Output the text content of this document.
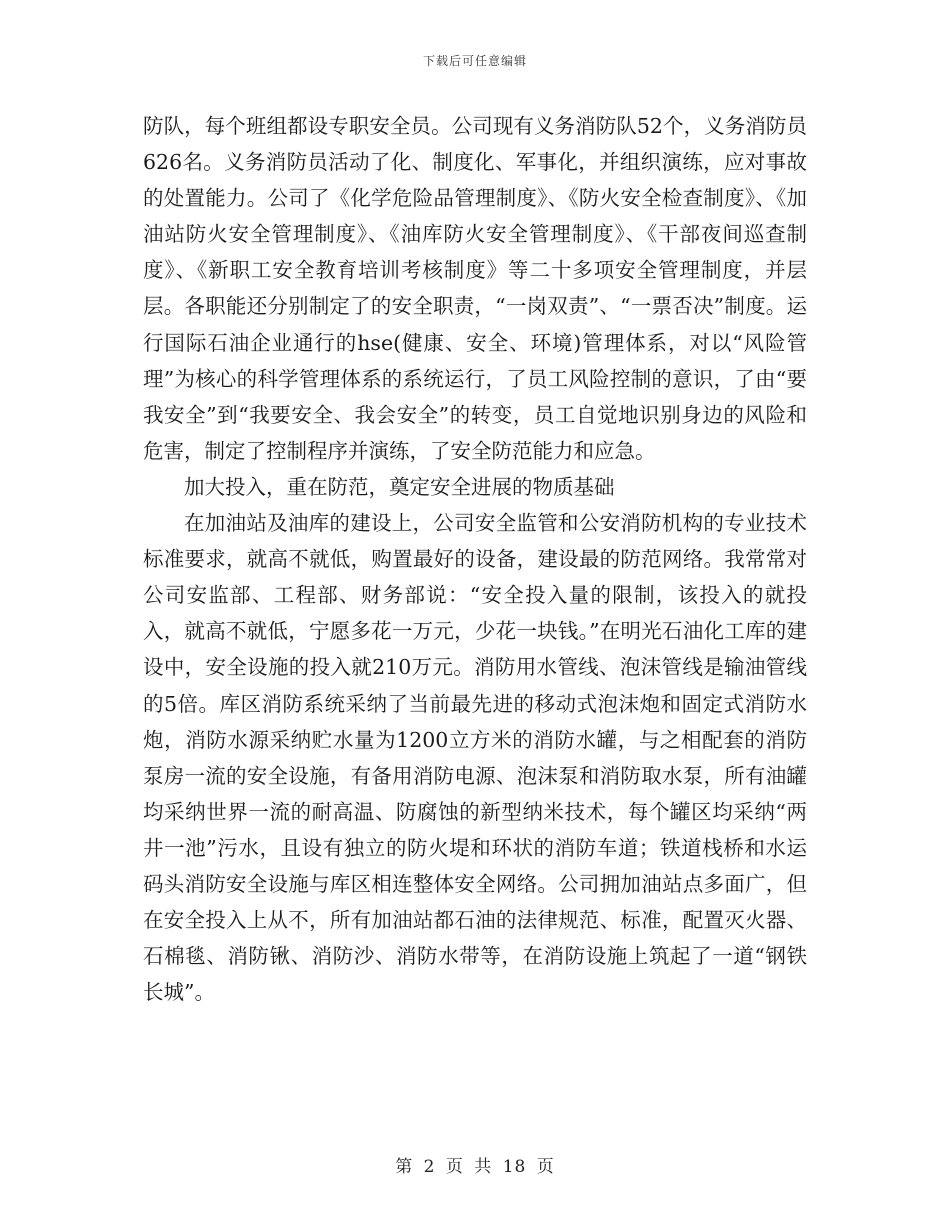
下载后可任意编辑

防队，每个班组都设专职安全员。公司现有义务消防队52个，义务消防员626名。义务消防员活动了化、制度化、军事化，并组织演练，应对事故的处置能力。公司了《化学危险品管理制度》、《防火安全检查制度》、《加油站防火安全管理制度》、《油库防火安全管理制度》、《干部夜间巡查制度》、《新职工安全教育培训考核制度》等二十多项安全管理制度，并层层。各职能还分别制定了的安全职责，“一岗双责”、“一票否决”制度。运行国际石油企业通行的hse(健康、安全、环境)管理体系，对以“风险管理”为核心的科学管理体系的系统运行，了员工风险控制的意识，了由“要我安全”到“我要安全、我会安全”的转变，员工自觉地识别身边的风险和危害，制定了控制程序并演练，了安全防范能力和应急。

加大投入，重在防范，奠定安全进展的物质基础

在加油站及油库的建设上，公司安全监管和公安消防机构的专业技术标准要求，就高不就低，购置最好的设备，建设最的防范网络。我常常对公司安监部、工程部、财务部说：“安全投入量的限制，该投入的就投入，就高不就低，宁愿多花一万元，少花一块钱。”在明光石油化工库的建设中，安全设施的投入就210万元。消防用水管线、泡沫管线是输油管线的5倍。库区消防系统采纳了当前最先进的移动式泡沫炮和固定式消防水炮，消防水源采纳贮水量为1200立方米的消防水罐，与之相配套的消防泵房一流的安全设施，有备用消防电源、泡沫泵和消防取水泵，所有油罐均采纳世界一流的耐高温、防腐蚀的新型纳米技术，每个罐区均采纳“两井一池”污水，且设有独立的防火堤和环状的消防车道；铁道栈桥和水运码头消防安全设施与库区相连整体安全网络。公司拥加油站点多面广，但在安全投入上从不，所有加油站都石油的法律规范、标准，配置灭火器、石棉毯、消防锹、消防沙、消防水带等，在消防设施上筑起了一道“钢铁长城”。

第 2 页 共 18 页
